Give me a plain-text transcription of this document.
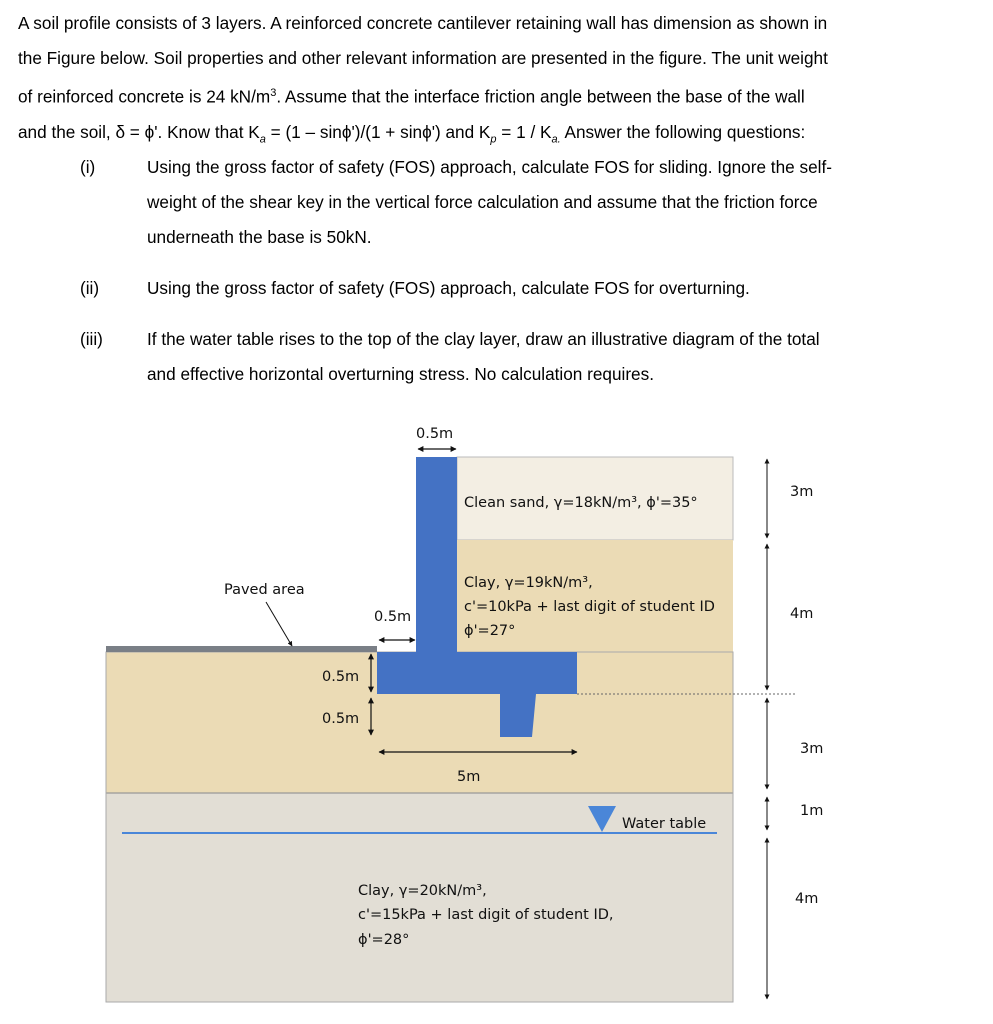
A soil profile consists of 3 layers. A reinforced concrete cantilever retaining wall has dimension as shown in
the Figure below. Soil properties and other relevant information are presented in the figure. The unit weight
of reinforced concrete is 24 $kN/m^3$. Assume that the interface friction angle between the base of the wall
and the soil, δ = ϕ'. Know that $K_a = (1 - \sin\phi')/(1 + \sin\phi')$ and $K_p = 1 / K_{a.}$ Answer the following questions:
(i)	Using the gross factor of safety (FOS) approach, calculate FOS for sliding. Ignore the self-
weight of the shear key in the vertical force calculation and assume that the friction force
underneath the base is 50kN.
(ii)	Using the gross factor of safety (FOS) approach, calculate FOS for overturning.
(iii)	If the water table rises to the top of the clay layer, draw an illustrative diagram of the total
and effective horizontal overturning stress. No calculation requires.
Water table
0.5m
0.5m
0.5m
0.5m
5m
Paved area
Clean sand, γ=18kN/m³, ϕ'=35°
Clay, γ=19kN/m³,
c'=10kPa + last digit of student ID
ϕ'=27°
Clay, γ=20kN/m³,
c'=15kPa + last digit of student ID,
ϕ'=28°
3m
4m
3m
1m
4m
